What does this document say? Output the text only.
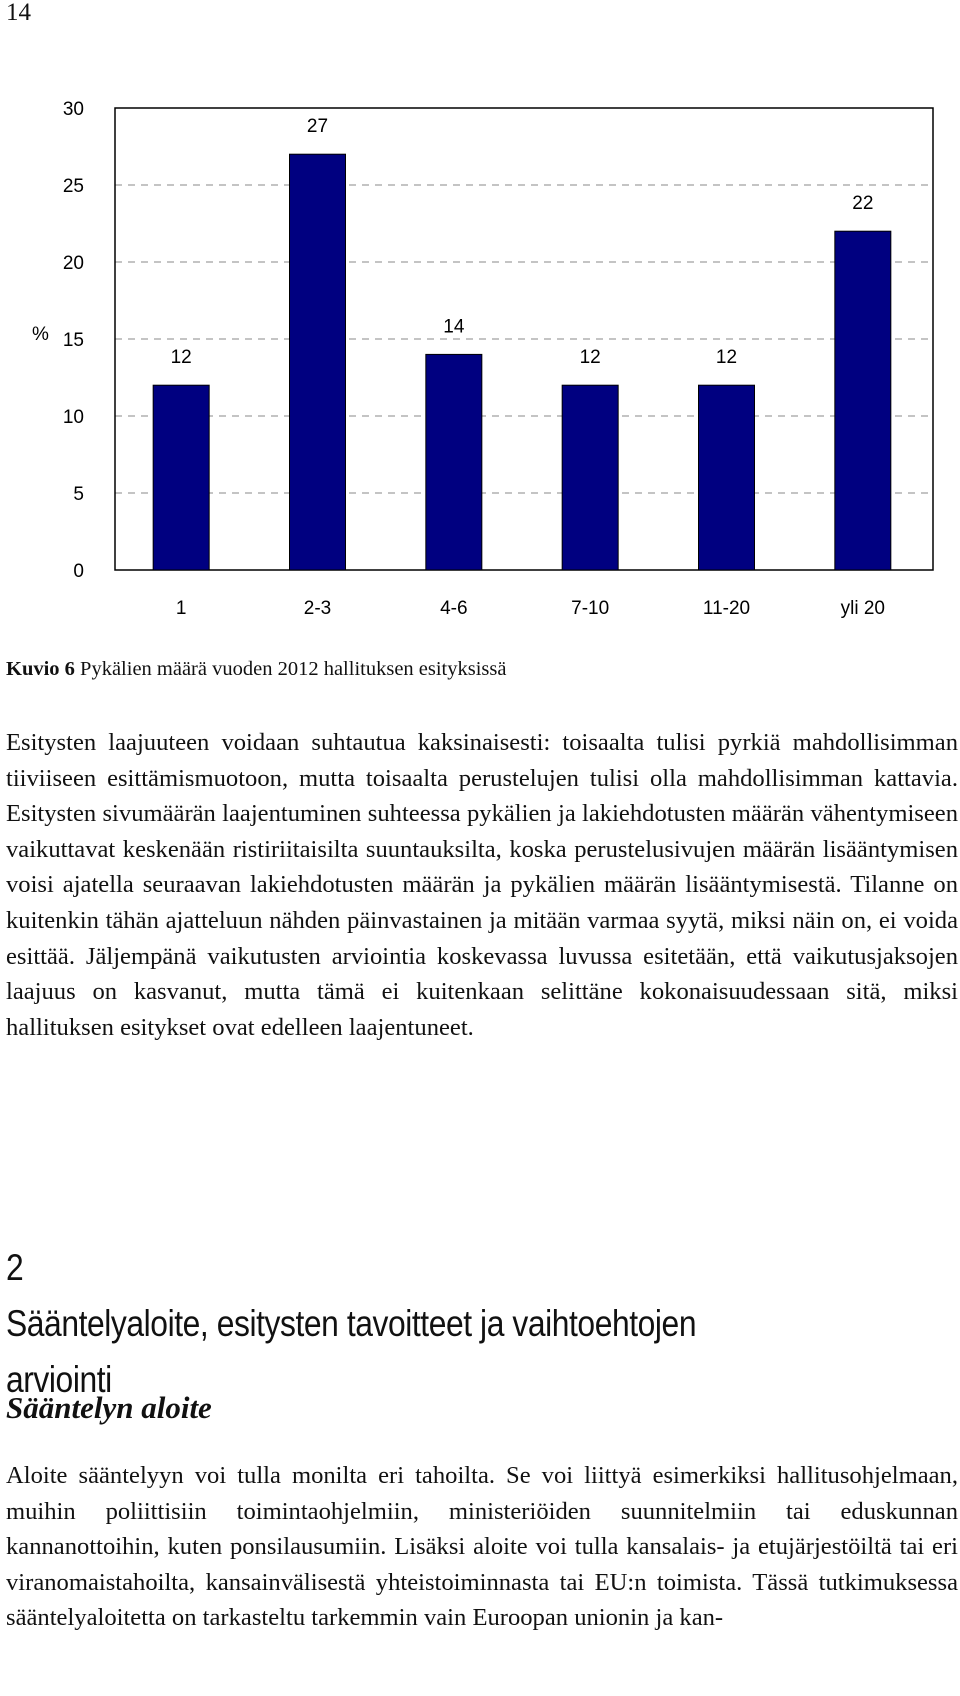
14
0
5
10
15
20
25
30
%
12
27
14
12	12
22
1	2-3	4-6	7-10	11-20	yli 20

Kuvio 6 Pykälien määrä vuoden 2012 hallituksen esityksissä

Esitysten laajuuteen voidaan suhtautua kaksinaisesti: toisaalta tulisi pyrkiä mahdollisimman tiiviiseen esittämismuotoon, mutta toisaalta perustelujen tulisi olla mahdollisimman kattavia. Esitysten sivumäärän laajentuminen suhteessa pykälien ja lakiehdotusten määrän vähentymiseen vaikuttavat keskenään ristiriitaisilta suuntauksilta, koska perustelusivujen määrän lisääntymisen voisi ajatella seuraavan lakiehdotusten määrän ja pykälien määrän lisääntymisestä. Tilanne on kuitenkin tähän ajatteluun nähden päinvastainen ja mitään varmaa syytä, miksi näin on, ei voida esittää. Jäljempänä vaikutusten arviointia koskevassa luvussa esitetään, että vaikutusjaksojen laajuus on kasvanut, mutta tämä ei kuitenkaan selittäne kokonaisuudessaan sitä, miksi hallituksen esitykset ovat edelleen laajentuneet.

2Sääntelyaloite, esitysten tavoitteet ja vaihtoehtojen arviointi
Sääntelyn aloite

Aloite sääntelyyn voi tulla monilta eri tahoilta. Se voi liittyä esimerkiksi hallitusohjelmaan, muihin poliittisiin toimintaohjelmiin, ministeriöiden suunnitelmiin tai eduskunnan kannanottoihin, kuten ponsilausumiin. Lisäksi aloite voi tulla kansalais- ja etujärjestöiltä tai eri viranomaistahoilta, kansainvälisestä yhteistoiminnasta tai EU:n toimista. Tässä tutkimuksessa sääntelyaloitetta on tarkasteltu tarkemmin vain Euroopan unionin ja kan-
